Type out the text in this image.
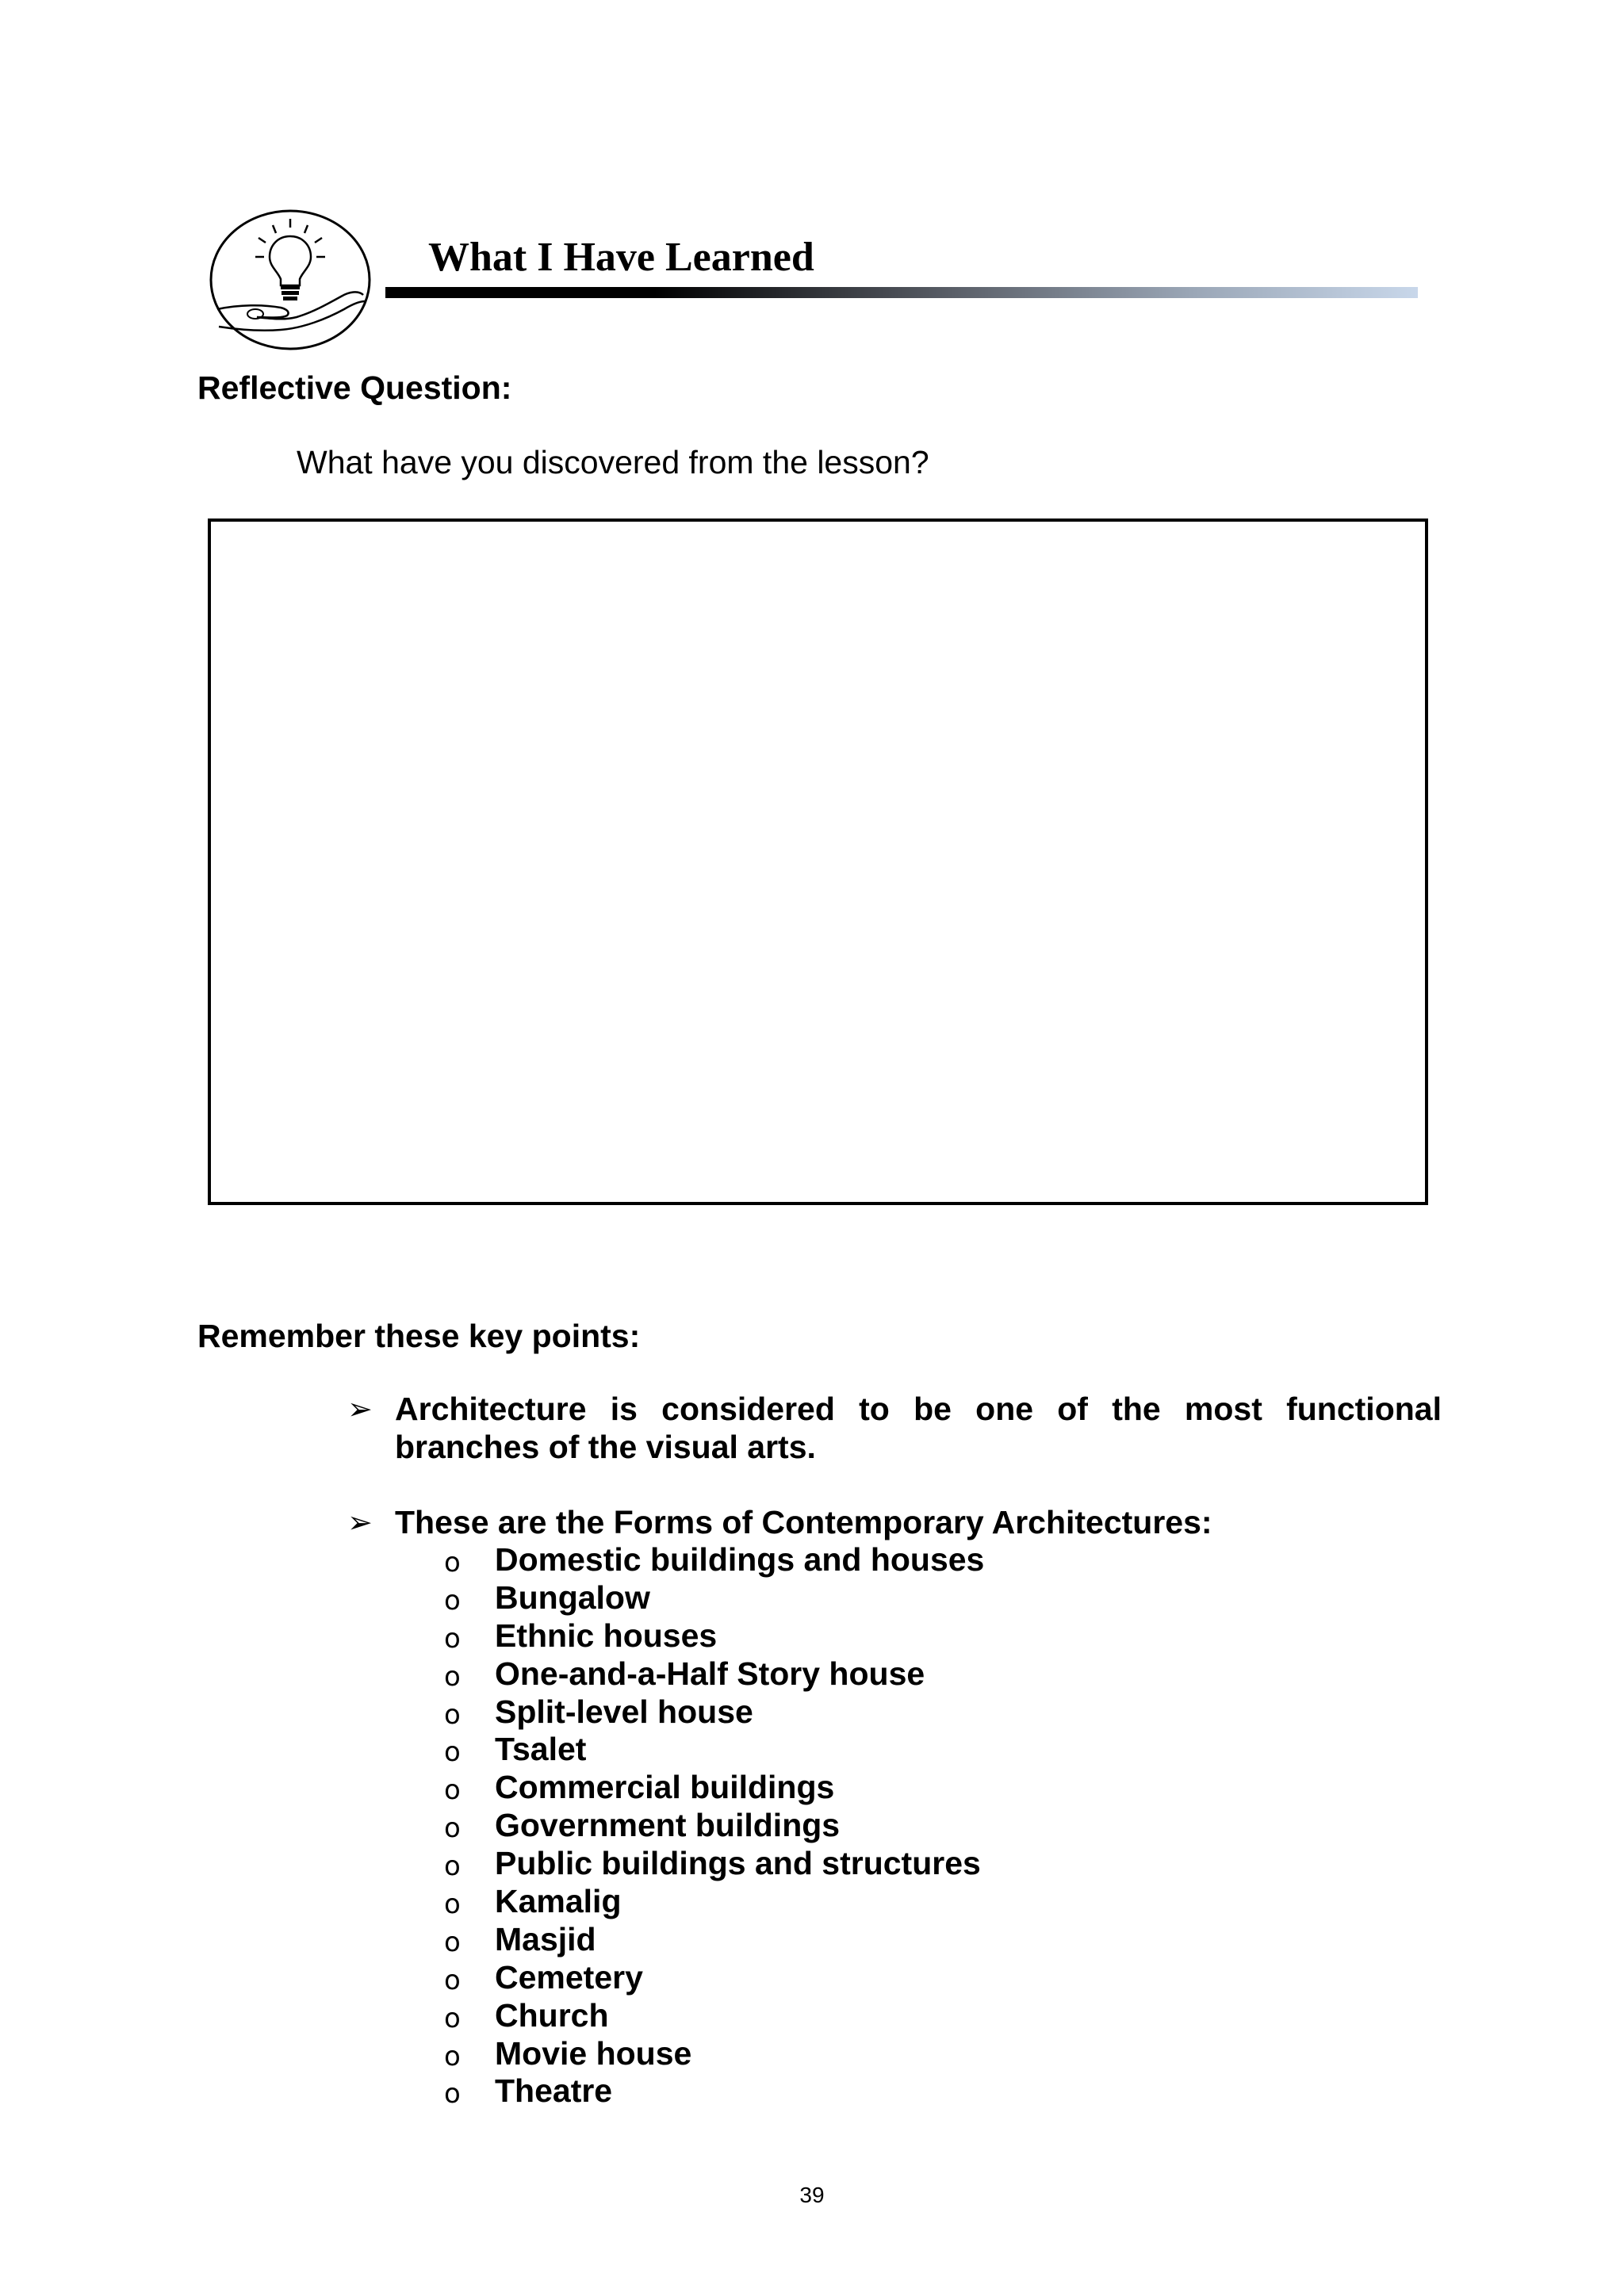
What I Have Learned
Reflective Question:
What have you discovered from the lesson?
Remember these key points:
➢ Architecture is considered to be one of the most functional branches of the visual arts.
➢ These are the Forms of Contemporary Architectures:
o Domestic buildings and houses
o Bungalow
o Ethnic houses
o One-and-a-Half Story house
o Split-level house
o Tsalet
o Commercial buildings
o Government buildings
o Public buildings and structures
o Kamalig
o Masjid
o Cemetery
o Church
o Movie house
o Theatre
39
